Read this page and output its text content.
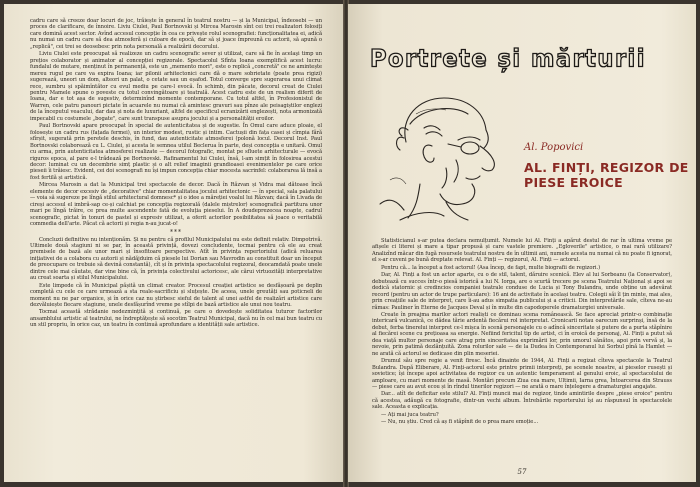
cadru care să creeze doar locuri de joc, trăiește în general în teatrul nostru — și la Municipal, îndeosebi — un proces de clarificare, de înnoire. Liviu Ciulei, Paul Bortnovski și Mircea Marosin sînt cei trei realizatori folosiți care domină acest sector. Avînd accesul concepție în cea ce privește rolul scenografiei: funcționalitatea ei, adică nu numai un cadru care să dea atmosferă și culoare de epocă, dar să și joace împreună cu actorii, să apună o „replică", cei trei se deosebesc prin nota personală a realizării decorului.

Liviu Ciulei este preocupat să realizeze un cadru scenografic sever și utilizat, care să fie în acelaşi timp un prețios colaborator și animator al concepției regizorale. Spectacolul Sfînta Ioana exemplifică acest lucru: fundalul de mutare, menținut în permanență, este un „memento mori", este o replică „concretă" ce ne amintește mereu rugul pe care va expira Ioana; iar pilonii arhitectonici care dă o mare sobrietate (poate prea rigizi) sugerează, uneori un dom, alteori un palat, o cetate sau un eșafod. Totul converge spre sugerarea unui climat rece, sumbru și spăimîntător cu evul mediu pe care-l evocă. În schimb, din păcate, decorul creat de Ciulei pentru Mamele spune o poveste cu totul convingătoare și teatrală. Acest cadru este de un realism diferit de Ioana, dar e tot așa de sugestiv, determinînd momente contemporane. Cu totul altfel, în Profesionistul de Warren, cele patru panouri pictate în acuarele nu numai că amintesc gravuri sau pînze ale peisagiștilor englezi de la începutul veacului, dar dau și nota de luxuriant, altfel de specificul ecranizării englezești, nota armonizată impecabil cu costumele „bogate", care sunt transpuse asupra jocului și a personalității eroilor.

Paul Bortnovski apare preocupat în special de autenticitatea și de sugestie. În Omul care aduce ploaie, el folosește un cadru rus (fațada fermei), un interior modest, rustic și intim. Cactușii din fața casei și cîmpia fără sfîrșit, sugerată prin peretele deschis, în fund, dau autenticitate atmosferei (polonă locul. Decorul Inst. Paul Bortnovski colaborează cu L. Ciulei, și acesta le semnea utilul Beclerua în parte, deși concepția e unitară. Omul cu arma, prin autenticitatea atmosferei realizate — decorul fotografic, montat pe sfluete arhitecturale — evocă riguros epoca, al pare e-l trădează pe Bortnovski. Rafinamentul lui Ciulei, însă, l-am simțit în folosirea acestui decor: luminat cu un decembrie simț plastic și o alt relief imaginii grandioasei evenimentelor pe care orice pieseii îi trăiesc. Evident, cei doi scenografi nu își impun concepția chiar mocesta sacrinfel: colaborarea lă insă a fost fertilă și artistică.

Mircea Marosin a dat la Municipal trei spectacole de decor. Dacă în Răzvan și Vidra mai dătoase încă elemente de decor excesiv de „decorative" chiar momentalitatea jocului arhitectonic — în special, sala palatului — voia să sugereze pe lîngă stilul arhitectural domnesc* și o idee a măreției voalul lui Răzvan; dacă în Livada de cireși accesul el imbră-sap ce-și calchiat pe concepția regizorală (dalele mistrelor) scenografică partitura unor mari pe lîngă trăire, ce prea multe ascendente fată de evoluția pieselui. În A doudeprezecea noapte, cadrul scenografic, pictat în tonuri de pastel și expresiv utilizat, a oferit actorilor posibilitatea să joace o veritabilă commedia dell'arte. Păcat că actorii și regia n-au jucat-o!

***

Concluzii definitive nu intenționăm. Și nu pentru că profilul Municipalului nu este definit relativ. Dimpotrivă. Ultimele două stagiuni ni se par, în această privință, dovezi concludente, tocmai pentru că ele au creat premisele de bază ale unor mari și însofitoare perspective. Atît în privința repertoriului (adică reluarea inițiativei de a colabora cu autorii și nădăjduim că piesele lui Dorian sau Mavrodin au constituit doar un început de preocupare ce trebuie să devină constantă), cît și în privința spectacolului regizoral, deocamdată poate unele dintre cele mai căutate, dar vine bine că, în privința colectivului actoricesc, ale cărui virtuozități interpretative au creat soarta și stilul Municipalului.

Este limpede că în Municipal pășită un climat creator. Procesul creației artistice se desfășoară pe deplin completă cu cele ce care urmează a sta reale-sacrificiu și sluțește. De aceea, unele greutăți sau poticneli de moment nu ne par organice, și în orice caz nu știrbesc sieful de talent al unei astfel de realizări artistice care dezvăluiește fiecare stagiune, unele desfășurînd vreme pe stîlpi de bază artistice ale unui nou teatru.

Tocmai această strădanie nedezmințită și continuă, pe care o dovedește soliditatea tuturor factorilor ansamblului artistic al teatrului, ne îndreptățește să socotim Teatrul Municipal, dacă nu în cel mai bun teatru cu un stil propriu, în orice caz, un teatru în continuă aprofundare a identității sale artistice.

Portrete și mărturii
Al. Popovici
AL. FINȚI, REGIZOR DE PIESE EROICE

Statisticianul s-ar putea declara nemulțumit. Numele lui Al. Finți a apărut destul de rar în ultima vreme pe afișele ci literei și mare a tipar propusă și care vastele premiere. „Egloverile" artistice, o mai rară utilizare? Analizînd măcar din fugă resursele teatrului nostru de în ultimii ani, numele acesta nu numai că nu poate fi ignorat, el s-ar cuveni pe bună dreptate relevat. Al. Finți — regizorul, Al. Finți — actorul.

Pentru că... la început a fost actorul! (Asa încep, de fapt, multe biografii de regizori.)

Dar, Al. Finți a fost un actor aparte, cu o de stil, talent, dăruire scenică. Elev al lui Sorbeanu (la Conservator), debutează cu succes într-o piesă istorică a lui N. Iorga, are o scurtă trecere pe scena Teatrului Național și apoi se dedică statornic și credincios companiei teatrale conduse de Lucia și Tony Bulandra, unde obține un adevărat record (pentru un actor de trupe particulare): 16 ani de activitate în același teatru. Colegii săi îl țin minte, mai ales, prin creațiile sale de interpret, care îi-au adus simpatia publicului și a criticii. Din interpretările sale, cîteva ne-au rămas: Pauliner în Eterne de Jacques Deval și în multe din capodoperele dramaturgiei universale.

Create în preajma marilor actori realiști ce dominau scena românească. Se face apreciat printr-o combinație intericară vulcanică, ce dădea tărie ardentă fiecărui rol interpretat. Cronicarii notau oarecum surprinși, însă de la debut, ferba tinerelui interpret ce-l mișca în scenă personajele cu o adîncă sinceritate și putere de a purta stăpînire al fiecărei scene cu prețioasa sa energie. Nefiind fericitul tip de artist, ci în eroică de personaj, Al. Finți a putut să dea viață multor personaje care atrag prin sinceritatea exprimării lor, prin umorul sănătos, apoi prin vervă și, la nevoie, prin patimă dezlănțuită. Zona rolurilor sale — de la Dudea în Contemporanul lui Sorbul pînă la Hamlet — ne arată că actorul se dedicase din plin meseriei.

Drumul său spre regie a venit firesc. Încă dinainte de 1944, Al. Finți a regizat cîteva spectacole la Teatrul Bulandra. După Eliberare, Al. Finți-actorul este printre primii interpreți, pe scenele noastre, ai pieselor rusești și sovietice; își începe apoi activitatea de regizor cu un autentic temperament al genului eroic, al spectacolului de amploare, cu mari momente de masă. Montări precum Ziua cea mare, Ultimii, Iarna grea, Întoarcerea din Strauss — piese care au avut ecou și în rîndul tinerilor regizori — ne arată o mare înțelegere a dramaturgiei angajate.

Dar... atît de deficitar este stilul? Al. Finți muncii mai de regizor, tinde amintirile despre „piese eroice" pentru că acestea, adăugă cu fotografie, dintr-un vechi album. Întrebările reporterului își au răspunsul în spectacolele sale. Aceasta e explicația.

— Ați mai juca teatru?

— Nu, nu știu. Cred că aș fi stăpînit de o prea mare emoție...

57
